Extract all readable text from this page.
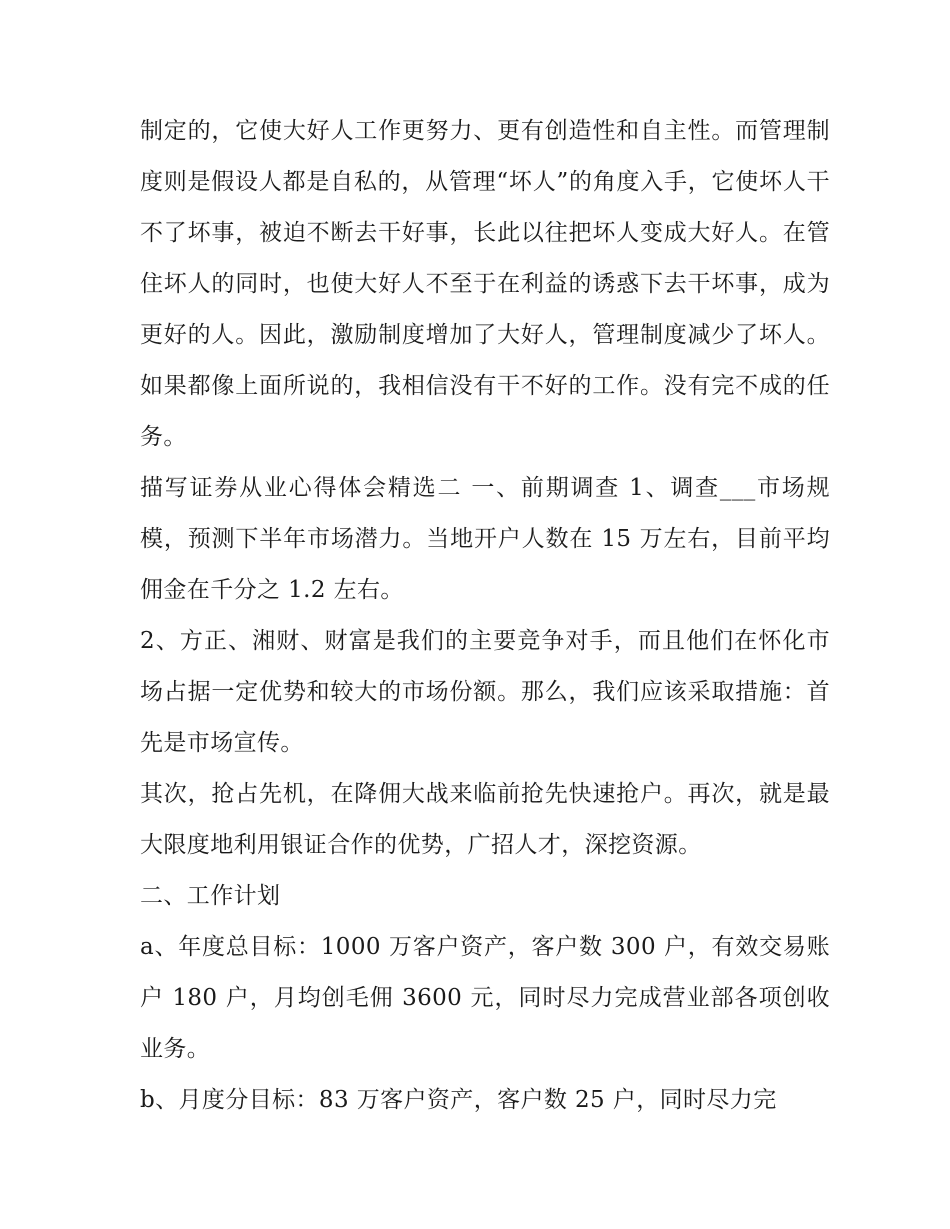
制定的，它使大好人工作更努力、更有创造性和自主性。而管理制度则是假设人都是自私的，从管理“坏人”的角度入手，它使坏人干不了坏事，被迫不断去干好事，长此以往把坏人变成大好人。在管住坏人的同时，也使大好人不至于在利益的诱惑下去干坏事，成为更好的人。因此，激励制度增加了大好人，管理制度减少了坏人。如果都像上面所说的，我相信没有干不好的工作。没有完不成的任务。

描写证券从业心得体会精选二 一、前期调查 1、调查___市场规模，预测下半年市场潜力。当地开户人数在 15 万左右，目前平均佣金在千分之 1.2 左右。

2、方正、湘财、财富是我们的主要竞争对手，而且他们在怀化市场占据一定优势和较大的市场份额。那么，我们应该采取措施：首先是市场宣传。

其次，抢占先机，在降佣大战来临前抢先快速抢户。再次，就是最大限度地利用银证合作的优势，广招人才，深挖资源。

二、工作计划

a、年度总目标：1000 万客户资产，客户数 300 户，有效交易账户 180 户，月均创毛佣 3600 元，同时尽力完成营业部各项创收业务。

b、月度分目标：83 万客户资产，客户数 25 户，同时尽力完
